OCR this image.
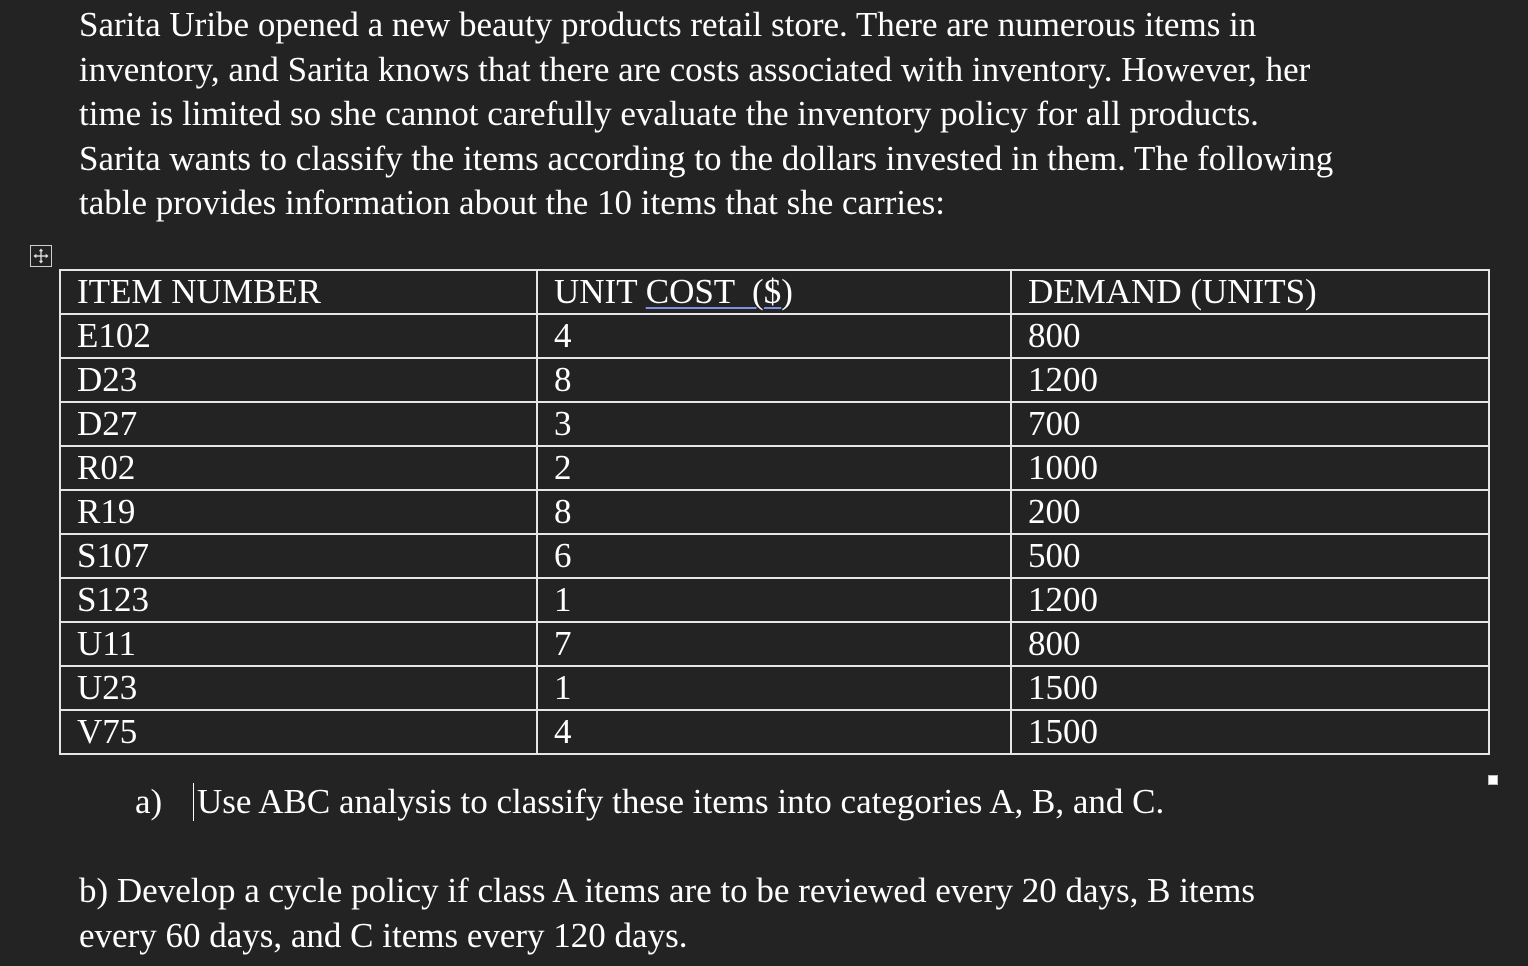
Sarita Uribe opened a new beauty products retail store. There are numerous items in
inventory, and Sarita knows that there are costs associated with inventory. However, her
time is limited so she cannot carefully evaluate the inventory policy for all products.
Sarita wants to classify the items according to the dollars invested in them. The following
table provides information about the 10 items that she carries:
ITEM NUMBER	UNIT COST  ($)	DEMAND (UNITS)
E102	4	800
D23	8	1200
D27	3	700
R02	2	1000
R19	8	200
S107	6	500
S123	1	1200
U11	7	800
U23	1	1500
V75	4	1500
a) Use ABC analysis to classify these items into categories A, B, and C.
b) Develop a cycle policy if class A items are to be reviewed every 20 days, B items
every 60 days, and C items every 120 days.
